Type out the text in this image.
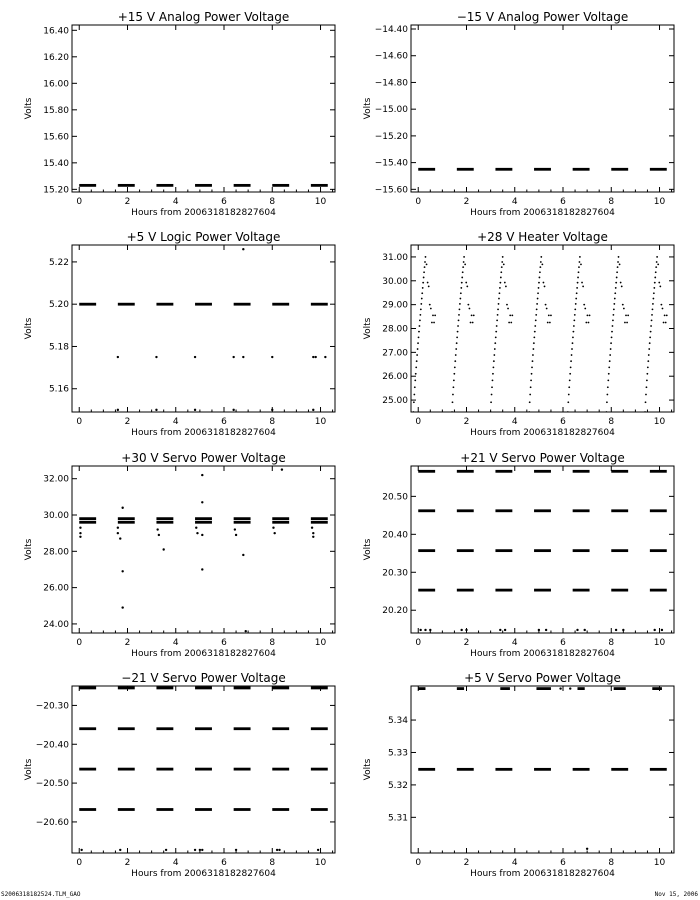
+15 V Analog Power Voltage
0	2	4	6	8	10
15.20
15.40
15.60
15.80
16.00
16.20
16.40
Hours from 2006318182827604
Volts
−15 V Analog Power Voltage
0	2	4	6	8	10
−14.40
−14.60
−14.80
−15.00
−15.20
−15.40
−15.60
Hours from 2006318182827604
Volts
+5 V Logic Power Voltage
0	2	4	6	8	10
5.16
5.18
5.20
5.22
Hours from 2006318182827604
Volts
+28 V Heater Voltage
0	2	4	6	8	10
25.00
26.00
27.00
28.00
29.00
30.00
31.00
Hours from 2006318182827604
Volts
+30 V Servo Power Voltage
0	2	4	6	8	10
24.00
26.00
28.00
30.00
32.00
Hours from 2006318182827604
Volts
+21 V Servo Power Voltage
0	2	4	6	8	10
20.20
20.30
20.40
20.50
Hours from 2006318182827604
Volts
−21 V Servo Power Voltage
0	2	4	6	8	10
−20.30
−20.40
−20.50
−20.60
Hours from 2006318182827604
Volts
+5 V Servo Power Voltage
0	2	4	6	8	10
5.31
5.32
5.33
5.34
Hours from 2006318182827604
Volts
S2006318182524.TLM_GAO	Nov 15, 2006
